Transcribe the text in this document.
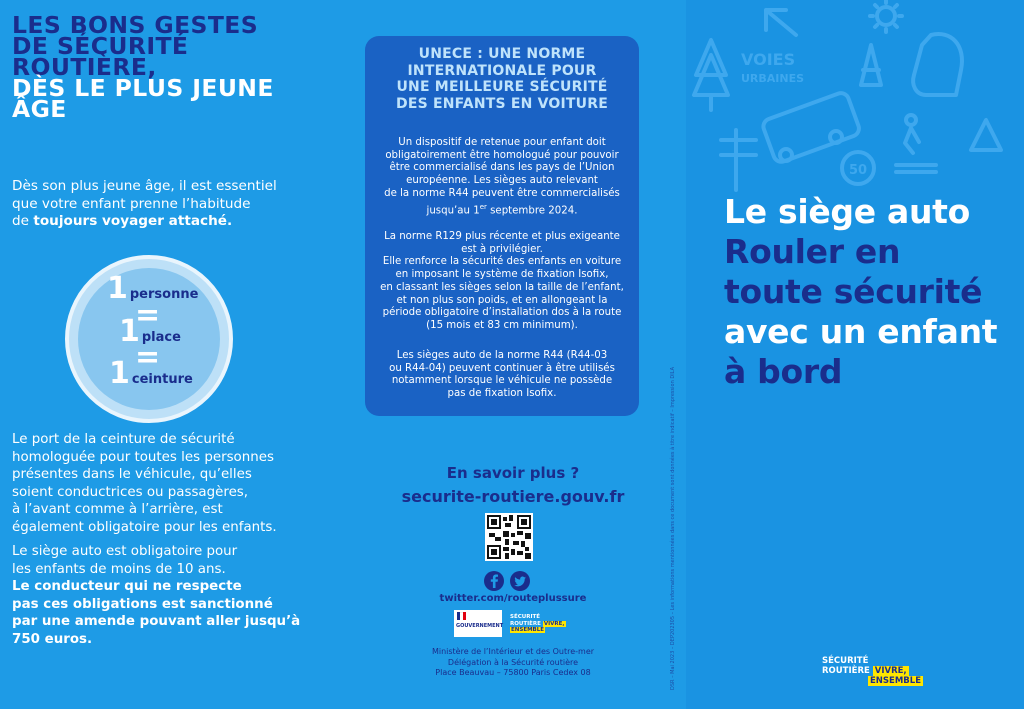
LES BONS GESTES
DE SÉCURITÉ
ROUTIÈRE,
DÈS LE PLUS JEUNE
ÂGE
Dès son plus jeune âge, il est essentiel
que votre enfant prenne l’habitude
de toujours voyager attaché.
1 personne
=
1 place
=
1 ceinture
Le port de la ceinture de sécurité
homologuée pour toutes les personnes
présentes dans le véhicule, qu’elles
soient conductrices ou passagères,
à l’avant comme à l’arrière, est
également obligatoire pour les enfants.
Le siège auto est obligatoire pour
les enfants de moins de 10 ans.
Le conducteur qui ne respecte
pas ces obligations est sanctionné
par une amende pouvant aller jusqu’à
750 euros.
UNECE : UNE NORME
INTERNATIONALE POUR
UNE MEILLEURE SÉCURITÉ
DES ENFANTS EN VOITURE
Un dispositif de retenue pour enfant doit
obligatoirement être homologué pour pouvoir
être commercialisé dans les pays de l’Union
européenne. Les sièges auto relevant
de la norme R44 peuvent être commercialisés
jusqu’au 1er septembre 2024.
La norme R129 plus récente et plus exigeante
est à privilégier.
Elle renforce la sécurité des enfants en voiture
en imposant le système de fixation Isofix,
en classant les sièges selon la taille de l’enfant,
et non plus son poids, et en allongeant la
période obligatoire d’installation dos à la route
(15 mois et 83 cm minimum).
Les sièges auto de la norme R44 (R44-03
ou R44-04) peuvent continuer à être utilisés
notamment lorsque le véhicule ne possède
pas de fixation Isofix.
En savoir plus ?
securite-routiere.gouv.fr
twitter.com/routeplussure
GOUVERNEMENT
SÉCURITÉ
ROUTIÈRE VIVRE,
ENSEMBLE
Ministère de l’Intérieur et des Outre-mer
Délégation à la Sécurité routière
Place Beauvau – 75800 Paris Cedex 08	DSR – Mai 2023 – DEP202305 – Les informations mentionnées dans ce document sont données à titre indicatif – Impression DILA
VOIES
URBAINES
50
Le siège auto
Rouler en
toute sécurité
avec un enfant
à bord
SÉCURITÉ
ROUTIÈRE VIVRE,
ENSEMBLE
